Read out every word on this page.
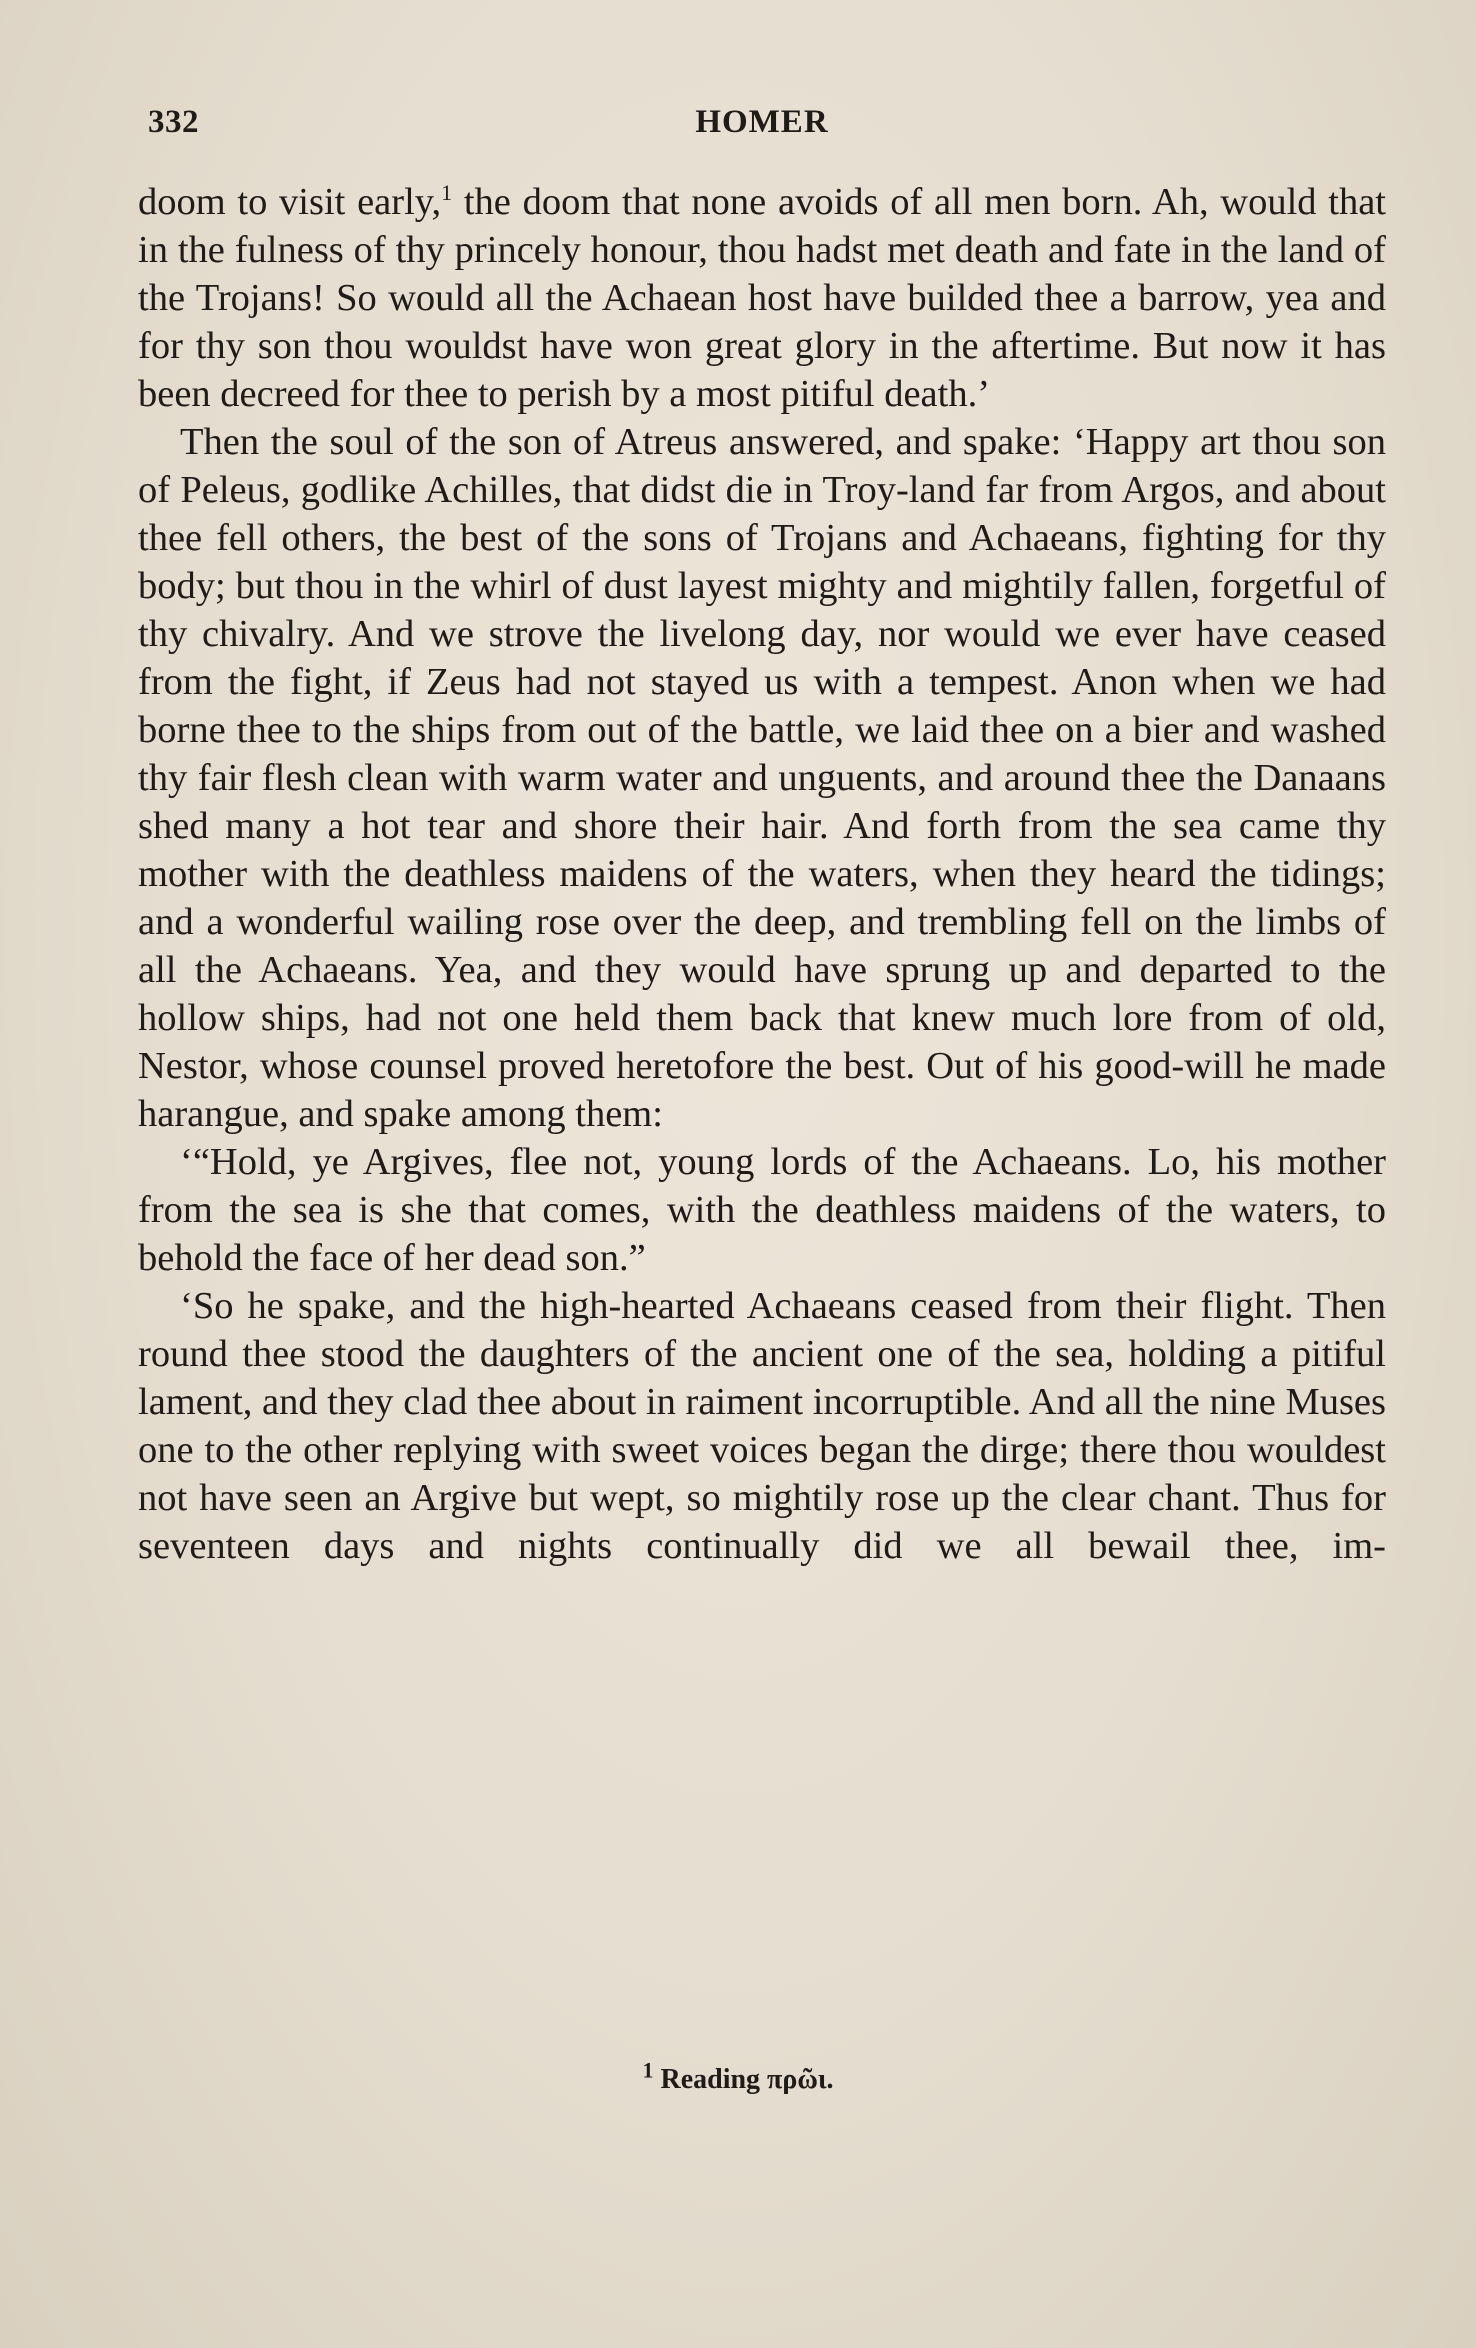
332	HOMER

doom to visit early,$^1$ the doom that none avoids of all men born. Ah, would that in the fulness of thy princely honour, thou hadst met death and fate in the land of the Trojans! So would all the Achaean host have builded thee a barrow, yea and for thy son thou wouldst have won great glory in the aftertime. But now it has been decreed for thee to perish by a most pitiful death.’

Then the soul of the son of Atreus answered, and spake: ‘Happy art thou son of Peleus, godlike Achilles, that didst die in Troy-land far from Argos, and about thee fell others, the best of the sons of Trojans and Achaeans, fighting for thy body; but thou in the whirl of dust layest mighty and mightily fallen, forgetful of thy chivalry. And we strove the livelong day, nor would we ever have ceased from the fight, if Zeus had not stayed us with a tempest. Anon when we had borne thee to the ships from out of the battle, we laid thee on a bier and washed thy fair flesh clean with warm water and unguents, and around thee the Danaans shed many a hot tear and shore their hair. And forth from the sea came thy mother with the deathless maidens of the waters, when they heard the tidings; and a wonderful wailing rose over the deep, and trembling fell on the limbs of all the Achaeans. Yea, and they would have sprung up and departed to the hollow ships, had not one held them back that knew much lore from of old, Nestor, whose counsel proved heretofore the best. Out of his good-will he made harangue, and spake among them:

‘“Hold, ye Argives, flee not, young lords of the Achaeans. Lo, his mother from the sea is she that comes, with the deathless maidens of the waters, to behold the face of her dead son.”

‘So he spake, and the high-hearted Achaeans ceased from their flight. Then round thee stood the daughters of the ancient one of the sea, holding a pitiful lament, and they clad thee about in raiment incorruptible. And all the nine Muses one to the other replying with sweet voices began the dirge; there thou wouldest not have seen an Argive but wept, so mightily rose up the clear chant. Thus for seventeen days and nights continually did we all bewail thee, im-

$^1$ Reading πρῶι.
